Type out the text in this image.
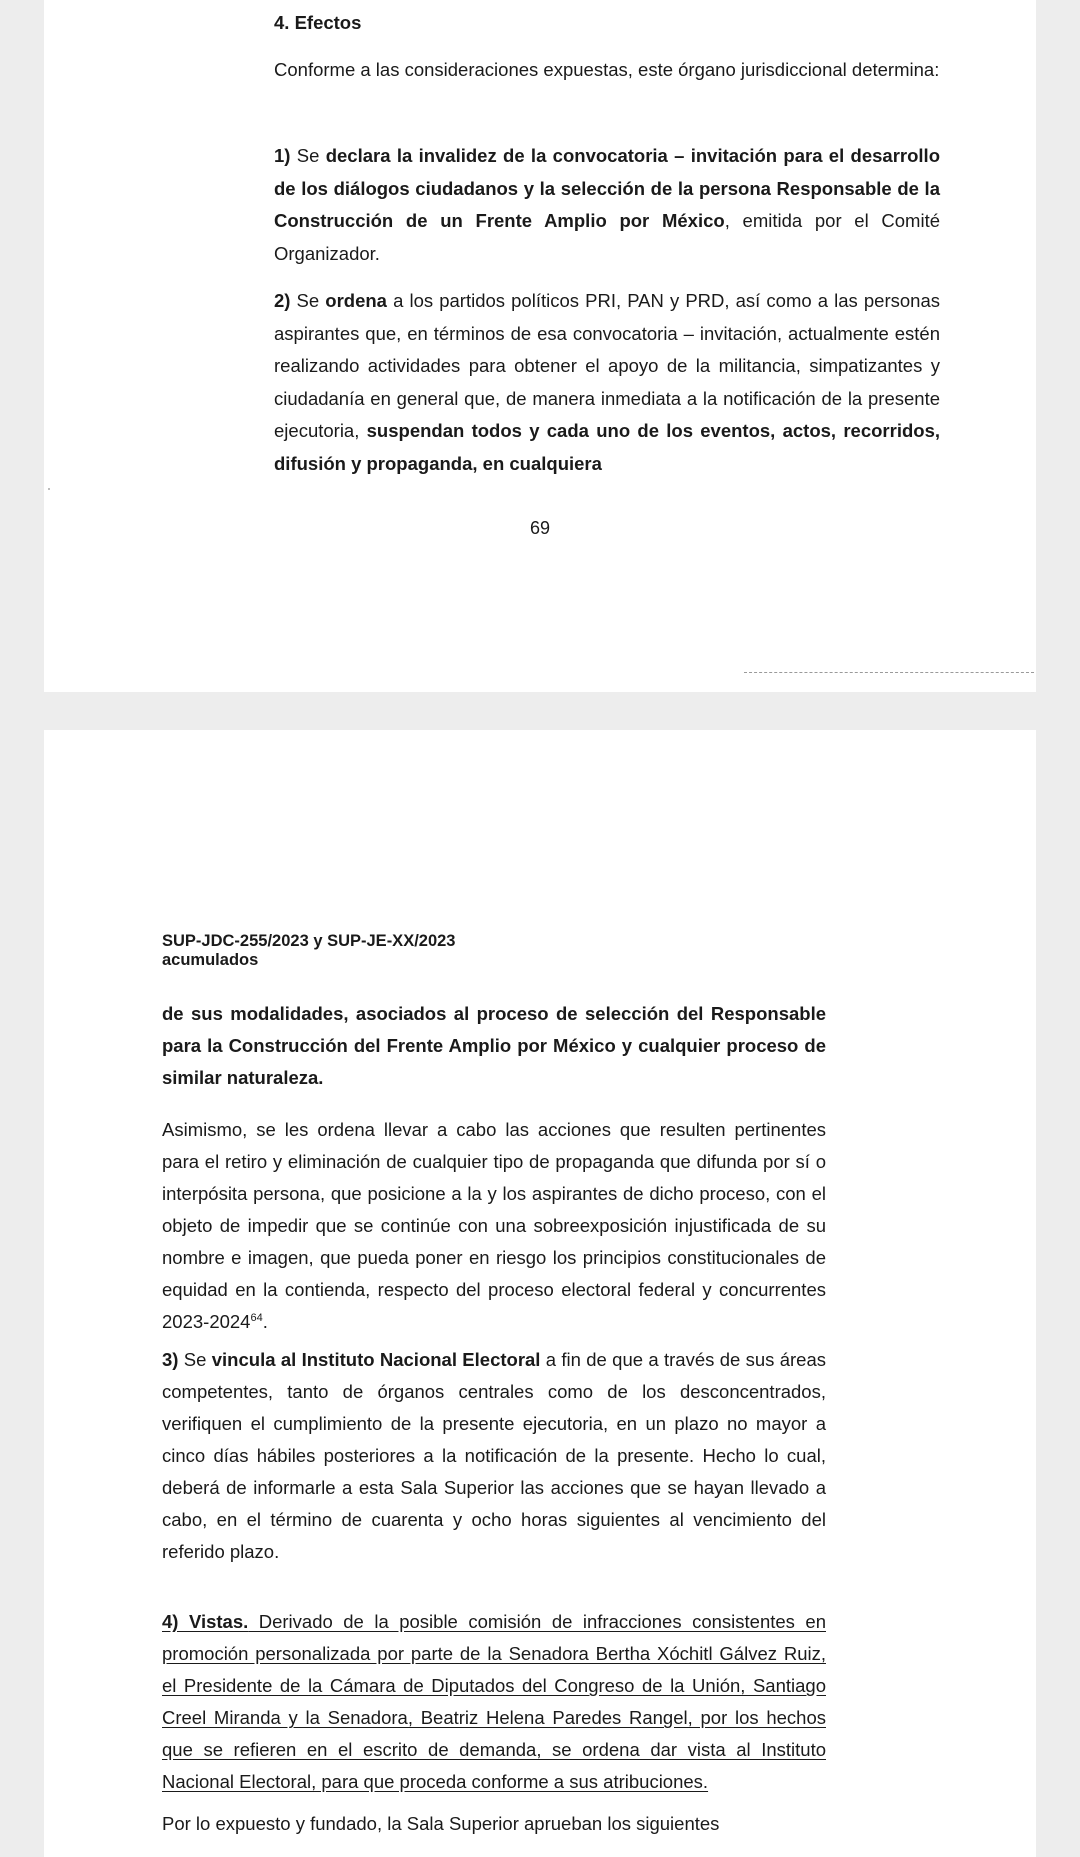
4. Efectos

Conforme a las consideraciones expuestas, este órgano jurisdiccional determina:

1) Se declara la invalidez de la convocatoria – invitación para el desarrollo de los diálogos ciudadanos y la selección de la persona Responsable de la Construcción de un Frente Amplio por México, emitida por el Comité Organizador.

2) Se ordena a los partidos políticos PRI, PAN y PRD, así como a las personas aspirantes que, en términos de esa convocatoria – invitación, actualmente estén realizando actividades para obtener el apoyo de la militancia, simpatizantes y ciudadanía en general que, de manera inmediata a la notificación de la presente ejecutoria, suspendan todos y cada uno de los eventos, actos, recorridos, difusión y propaganda, en cualquiera

69
SUP-JDC-255/2023 y SUP-JE-XX/2023
acumulados

de sus modalidades, asociados al proceso de selección del Responsable para la Construcción del Frente Amplio por México y cualquier proceso de similar naturaleza.

Asimismo, se les ordena llevar a cabo las acciones que resulten pertinentes para el retiro y eliminación de cualquier tipo de propaganda que difunda por sí o interpósita persona, que posicione a la y los aspirantes de dicho proceso, con el objeto de impedir que se continúe con una sobreexposición injustificada de su nombre e imagen, que pueda poner en riesgo los principios constitucionales de equidad en la contienda, respecto del proceso electoral federal y concurrentes 2023-2024$^{64}$.

3) Se vincula al Instituto Nacional Electoral a fin de que a través de sus áreas competentes, tanto de órganos centrales como de los desconcentrados, verifiquen el cumplimiento de la presente ejecutoria, en un plazo no mayor a cinco días hábiles posteriores a la notificación de la presente. Hecho lo cual, deberá de informarle a esta Sala Superior las acciones que se hayan llevado a cabo, en el término de cuarenta y ocho horas siguientes al vencimiento del referido plazo.

4) Vistas. Derivado de la posible comisión de infracciones consistentes en promoción personalizada por parte de la Senadora Bertha Xóchitl Gálvez Ruiz, el Presidente de la Cámara de Diputados del Congreso de la Unión, Santiago Creel Miranda y la Senadora, Beatriz Helena Paredes Rangel, por los hechos que se refieren en el escrito de demanda, se ordena dar vista al Instituto Nacional Electoral, para que proceda conforme a sus atribuciones.

Por lo expuesto y fundado, la Sala Superior aprueban los siguientes
